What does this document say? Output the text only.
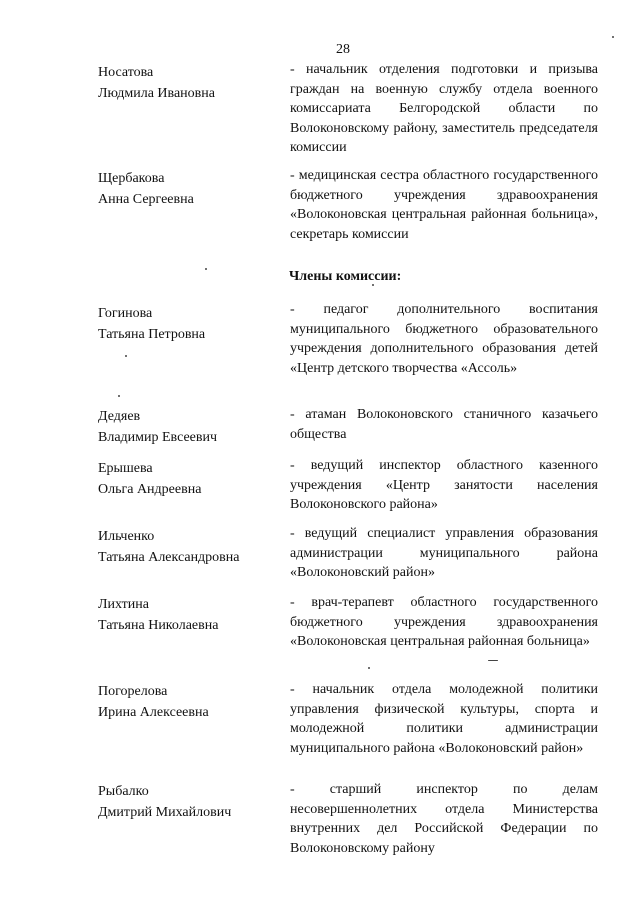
28
Носатова
Людмила Ивановна
- начальник отделения подготовки и призыва граждан на военную службу отдела военного комиссариата Белгородской области по Волоконовскому району, заместитель председателя комиссии
Щербакова
Анна Сергеевна
- медицинская сестра областного государственного бюджетного учреждения здравоохранения «Волоконовская центральная районная больница», секретарь комиссии
Члены комиссии:
Гогинова
Татьяна Петровна
- педагог дополнительного воспитания муниципального бюджетного образовательного учреждения дополнительного образования детей «Центр детского творчества «Ассоль»
Дедяев
Владимир Евсеевич
- атаман Волоконовского станичного казачьего общества
Ерышева
Ольга Андреевна
- ведущий инспектор областного казенного учреждения «Центр занятости населения Волоконовского района»
Ильченко
Татьяна Александровна
- ведущий специалист управления образования администрации муниципального района «Волоконовский район»
Лихтина
Татьяна Николаевна
- врач-терапевт областного государственного бюджетного учреждения здравоохранения «Волоконовская центральная районная больница»
Погорелова
Ирина Алексеевна
- начальник отдела молодежной политики управления физической культуры, спорта и молодежной политики администрации муниципального района «Волоконовский район»
Рыбалко
Дмитрий Михайлович
- старший инспектор по делам несовершеннолетних отдела Министерства внутренних дел Российской Федерации по Волоконовскому району
